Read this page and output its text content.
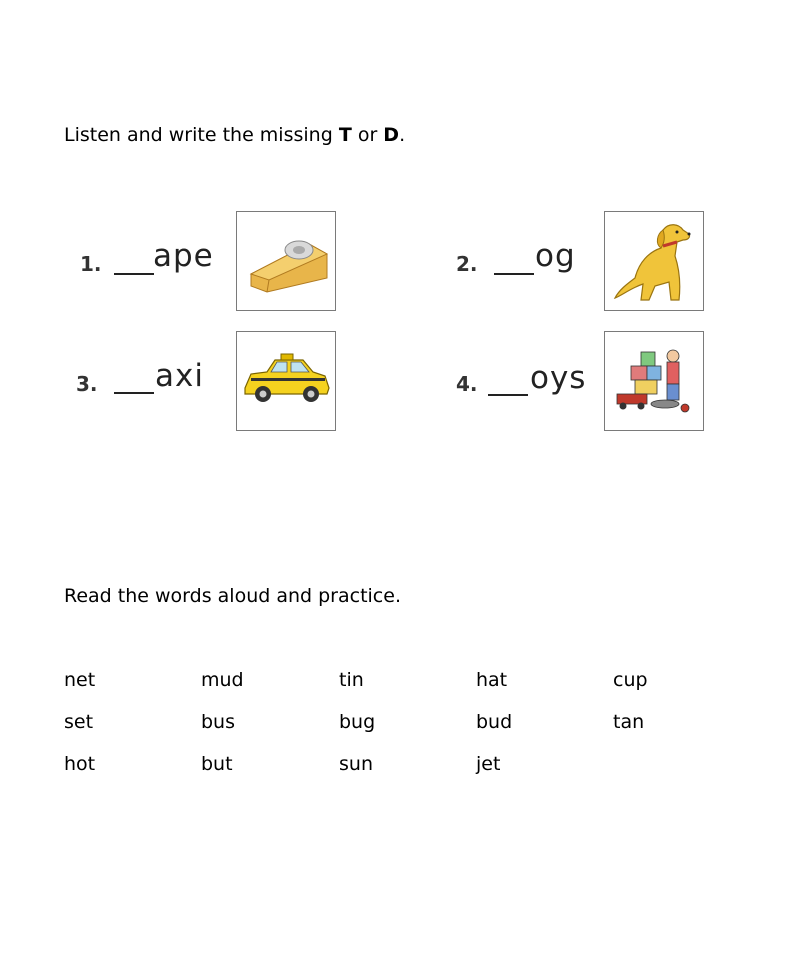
Listen and write the missing T or D.
1. ape	2. og
3. axi	4. oys
Read the words aloud and practice.
net	mud	tin	hat	cup
set	bus	bug	bud	tan
hot	but	sun	jet
